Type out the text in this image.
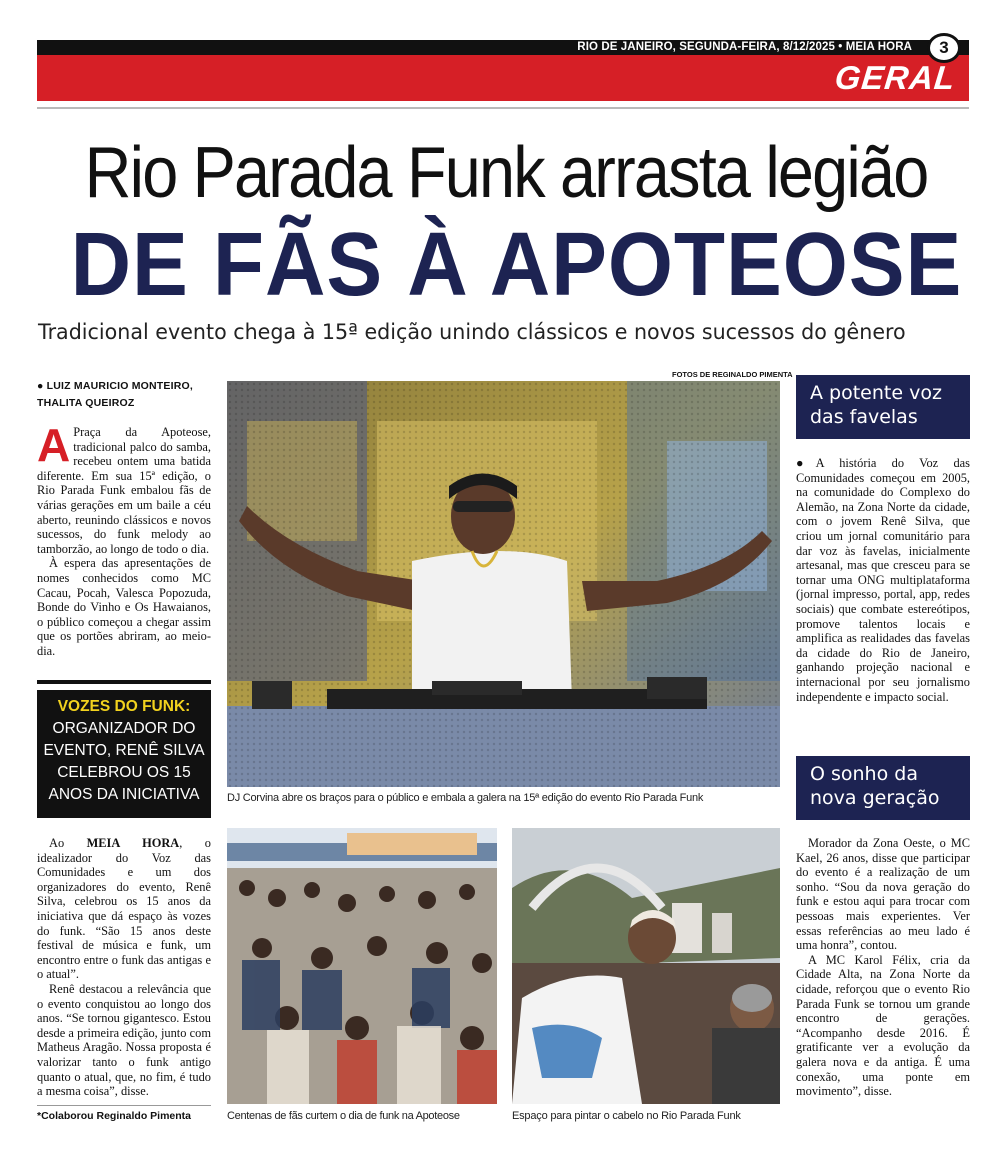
RIO DE JANEIRO, SEGUNDA-FEIRA, 8/12/2025 • MEIA HORA	3
GERAL
Rio Parada Funk arrasta legião
DE FÃS À APOTEOSE
Tradicional evento chega à 15ª edição unindo clássicos e novos sucessos do gênero
● LUIZ MAURICIO MONTEIRO,
THALITA QUEIROZ

A Praça da Apoteose, tradicional palco do samba, recebeu ontem uma batida diferente. Em sua 15ª edição, o Rio Parada Funk embalou fãs de várias gerações em um baile a céu aberto, reunindo clássicos e novos sucessos, do funk melody ao tamborzão, ao longo de todo o dia.

À espera das apresentações de nomes conhecidos como MC Cacau, Pocah, Valesca Popozuda, Bonde do Vinho e Os Hawaianos, o público começou a chegar assim que os portões abriram, ao meio-dia.

VOZES DO FUNK:
ORGANIZADOR DO EVENTO, RENÊ SILVA CELEBROU OS 15 ANOS DA INICIATIVA

Ao MEIA HORA, o idealizador do Voz das Comunidades e um dos organizadores do evento, Renê Silva, celebrou os 15 anos da iniciativa que dá espaço às vozes do funk. “São 15 anos deste festival de música e funk, um encontro entre o funk das antigas e o atual”.

Renê destacou a relevância que o evento conquistou ao longo dos anos. “Se tornou gigantesco. Estou desde a primeira edição, junto com Matheus Aragão. Nossa proposta é valorizar tanto o funk antigo quanto o atual, que, no fim, é tudo a mesma coisa”, disse.

*Colaborou Reginaldo Pimenta
FOTOS DE REGINALDO PIMENTA
DJ Corvina abre os braços para o público e embala a galera na 15ª edição do evento Rio Parada Funk
Centenas de fãs curtem o dia de funk na Apoteose	Espaço para pintar o cabelo no Rio Parada Funk
A potente voz das favelas
●A história do Voz das Comunidades começou em 2005, na comunidade do Complexo do Alemão, na Zona Norte da cidade, com o jovem Renê Silva, que criou um jornal comunitário para dar voz às favelas, inicialmente artesanal, mas que cresceu para se tornar uma ONG multiplataforma (jornal impresso, portal, app, redes sociais) que combate estereótipos, promove talentos locais e amplifica as realidades das favelas da cidade do Rio de Janeiro, ganhando projeção nacional e internacional por seu jornalismo independente e impacto social.
O sonho da nova geração

Morador da Zona Oeste, o MC Kael, 26 anos, disse que participar do evento é a realização de um sonho. “Sou da nova geração do funk e estou aqui para trocar com pessoas mais experientes. Ver essas referências ao meu lado é uma honra”, contou.

A MC Karol Félix, cria da Cidade Alta, na Zona Norte da cidade, reforçou que o evento Rio Parada Funk se tornou um grande encontro de gerações. “Acompanho desde 2016. É gratificante ver a evolução da galera nova e da antiga. É uma conexão, uma ponte em movimento”, disse.
